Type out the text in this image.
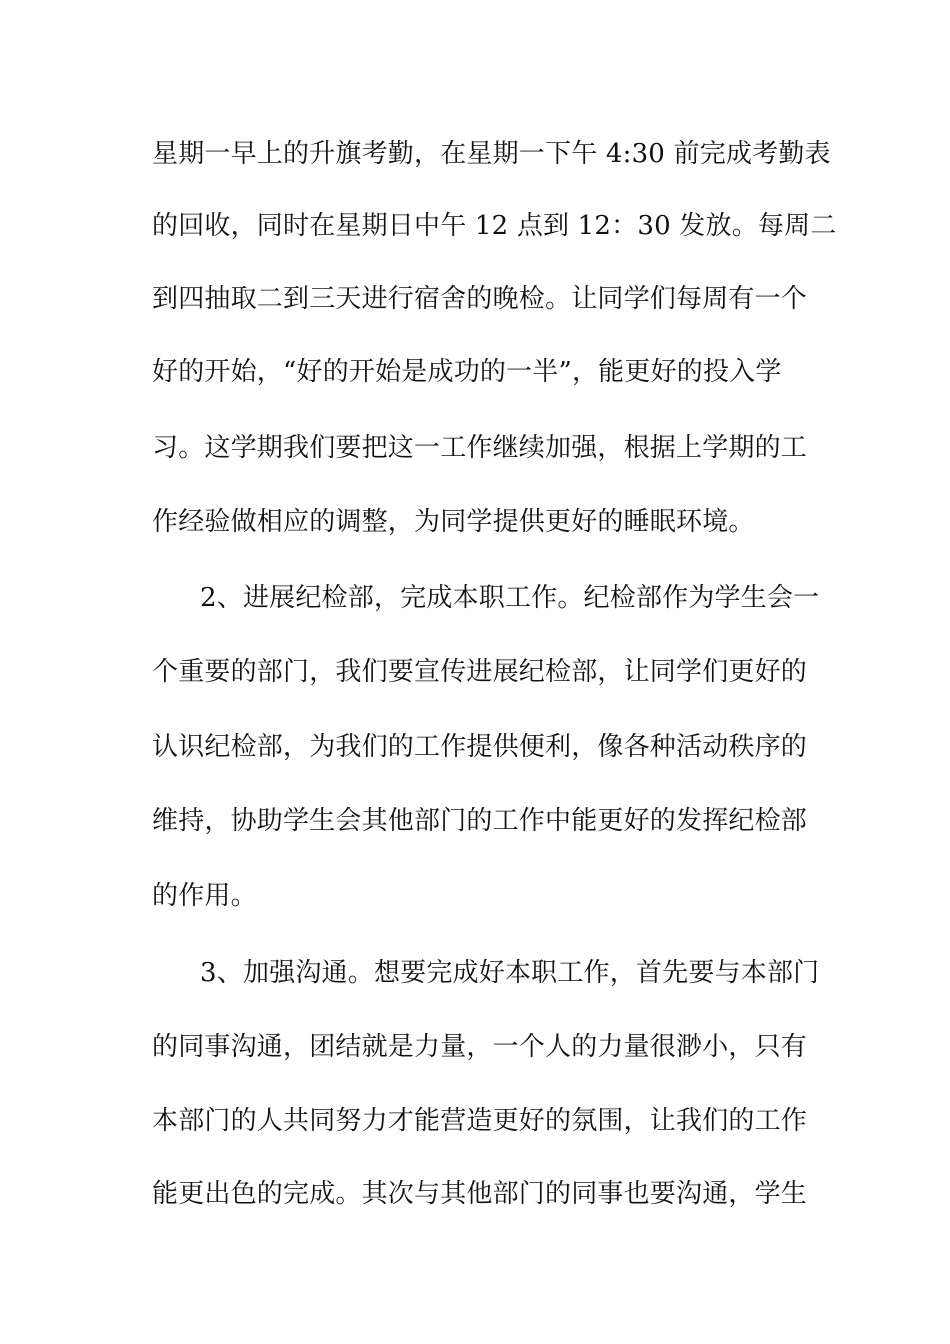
星期一早上的升旗考勤，在星期一下午 4:30 前完成考勤表
的回收，同时在星期日中午 12 点到 12：30 发放。每周二
到四抽取二到三天进行宿舍的晚检。让同学们每周有一个
好的开始，“好的开始是成功的一半”，能更好的投入学
习。这学期我们要把这一工作继续加强，根据上学期的工
作经验做相应的调整，为同学提供更好的睡眠环境。
2、进展纪检部，完成本职工作。纪检部作为学生会一
个重要的部门，我们要宣传进展纪检部，让同学们更好的
认识纪检部，为我们的工作提供便利，像各种活动秩序的
维持，协助学生会其他部门的工作中能更好的发挥纪检部
的作用。
3、加强沟通。想要完成好本职工作，首先要与本部门
的同事沟通，团结就是力量，一个人的力量很渺小，只有
本部门的人共同努力才能营造更好的氛围，让我们的工作
能更出色的完成。其次与其他部门的同事也要沟通，学生
